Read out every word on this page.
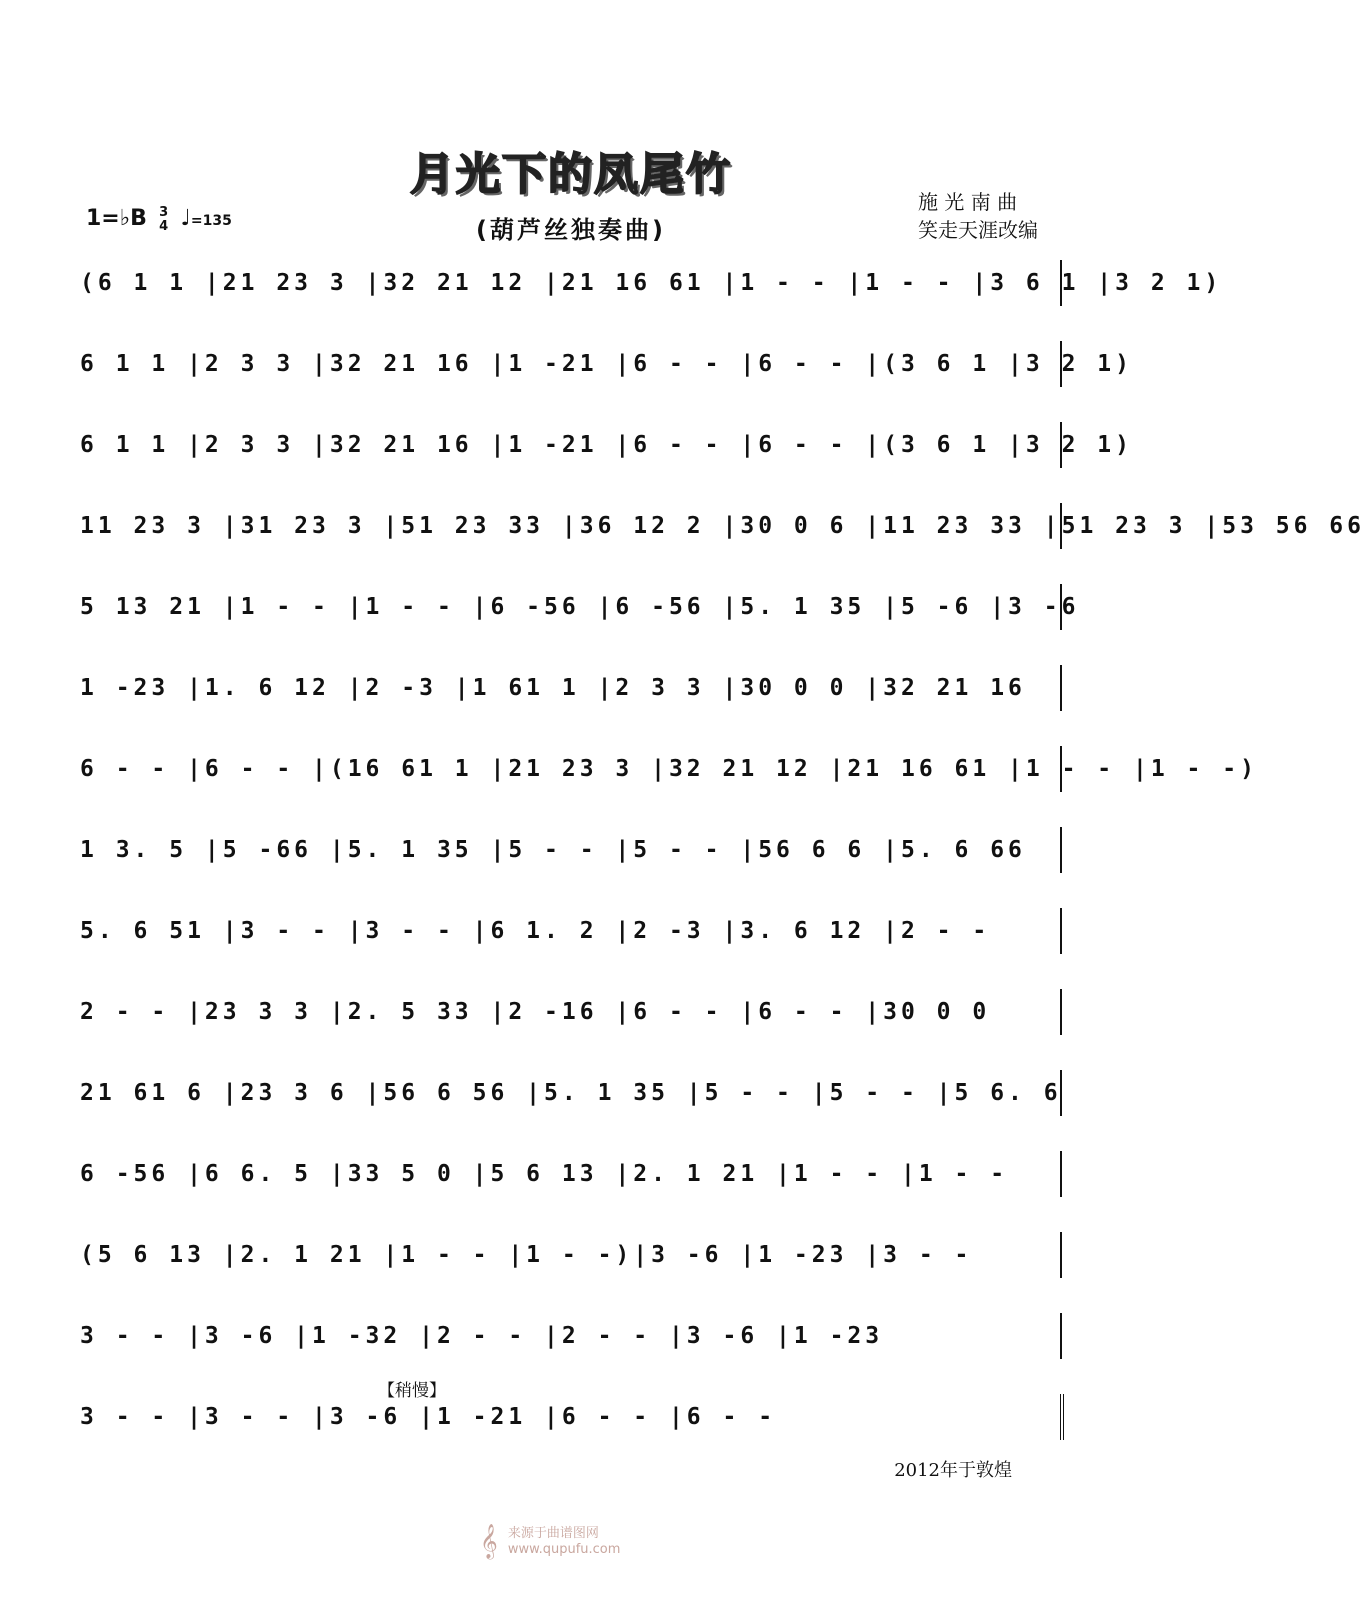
月光下的凤尾竹
(葫芦丝独奏曲)
施 光 南 曲
笑走天涯改编
1=♭B 3
4 ♩=135
(6 1 1 |21 23 3 |32 21 12 |21 16 61 |1 - - |1 - - |3 6 1 |3 2 1)
6 1 1 |2 3 3 |32 21 16 |1 -21 |6 - - |6 - - |(3 6 1 |3 2 1)
6 1 1 |2 3 3 |32 21 16 |1 -21 |6 - - |6 - - |(3 6 1 |3 2 1)
11 23 3 |31 23 3 |51 23 33 |36 12 2 |30 0 6 |11 23 33 |51 23 3 |53 56 66
5 13 21 |1 - - |1 - - |6 -56 |6 -56 |5. 1 35 |5 -6 |3 -6
1 -23 |1. 6 12 |2 -3 |1 61 1 |2 3 3 |30 0 0 |32 21 16
6 - - |6 - - |(16 61 1 |21 23 3 |32 21 12 |21 16 61 |1 - - |1 - -)
1 3. 5 |5 -66 |5. 1 35 |5 - - |5 - - |56 6 6 |5. 6 66
5. 6 51 |3 - - |3 - - |6 1. 2 |2 -3 |3. 6 12 |2 - -
2 - - |23 3 3 |2. 5 33 |2 -16 |6 - - |6 - - |30 0 0
21 61 6 |23 3 6 |56 6 56 |5. 1 35 |5 - - |5 - - |5 6. 6
6 -56 |6 6. 5 |33 5 0 |5 6 13 |2. 1 21 |1 - - |1 - -
(5 6 13 |2. 1 21 |1 - - |1 - -)|3 -6 |1 -23 |3 - -
3 - - |3 -6 |1 -32 |2 - - |2 - - |3 -6 |1 -23
【稍慢】
3 - - |3 - - |3 -6 |1 -21 |6 - - |6 - -
2012年于敦煌
𝄞 来源于曲谱图网
www.qupufu.com
